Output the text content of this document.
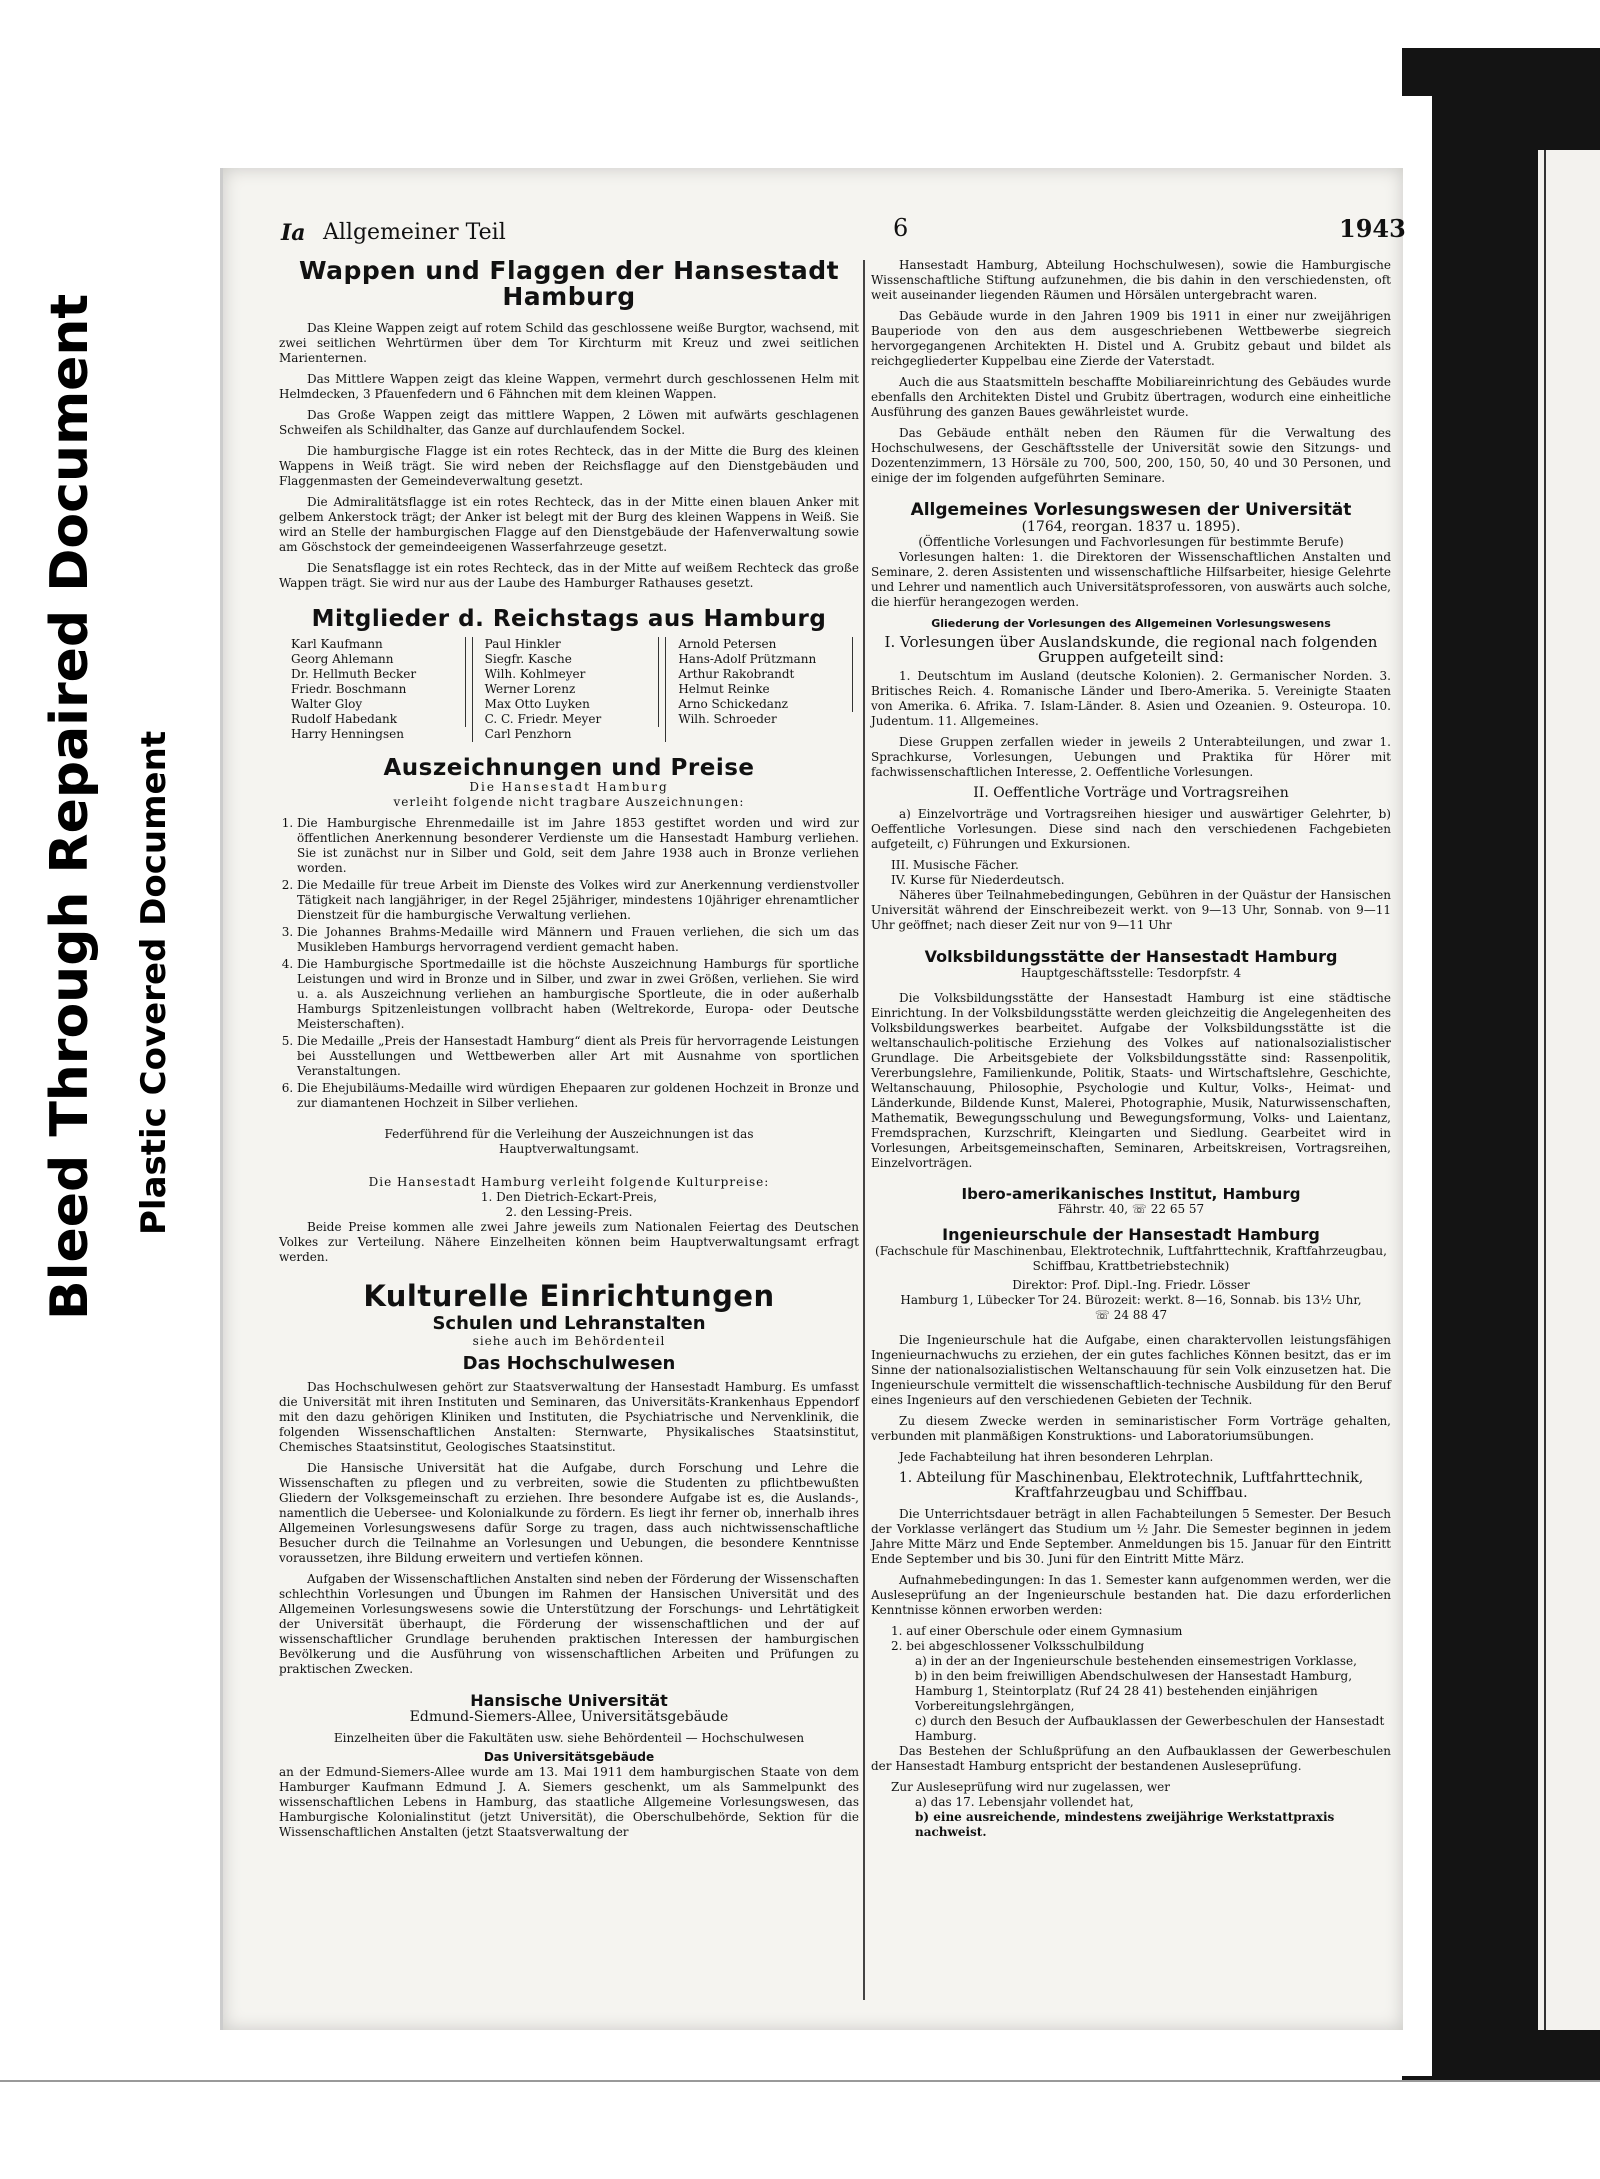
Bleed Through Repaired Document Plastic Covered Document
Ia Allgemeiner Teil	6	1943
Wappen und Flaggen der Hansestadt Hamburg

Das Kleine Wappen zeigt auf rotem Schild das geschlossene weiße Burgtor, wachsend, mit zwei seitlichen Wehrtürmen über dem Tor Kirchturm mit Kreuz und zwei seitlichen Marienternen.

Das Mittlere Wappen zeigt das kleine Wappen, vermehrt durch geschlossenen Helm mit Helmdecken, 3 Pfauenfedern und 6 Fähnchen mit dem kleinen Wappen.

Das Große Wappen zeigt das mittlere Wappen, 2 Löwen mit aufwärts geschlagenen Schweifen als Schildhalter, das Ganze auf durchlaufendem Sockel.

Die hamburgische Flagge ist ein rotes Rechteck, das in der Mitte die Burg des kleinen Wappens in Weiß trägt. Sie wird neben der Reichsflagge auf den Dienstgebäuden und Flaggenmasten der Gemeindeverwaltung gesetzt.

Die Admiralitätsflagge ist ein rotes Rechteck, das in der Mitte einen blauen Anker mit gelbem Ankerstock trägt; der Anker ist belegt mit der Burg des kleinen Wappens in Weiß. Sie wird an Stelle der hamburgischen Flagge auf den Dienstgebäude der Hafenverwaltung sowie am Göschstock der gemeindeeigenen Wasserfahrzeuge gesetzt.

Die Senatsflagge ist ein rotes Rechteck, das in der Mitte auf weißem Rechteck das große Wappen trägt. Sie wird nur aus der Laube des Hamburger Rathauses gesetzt.

Mitglieder d. Reichstags aus Hamburg
Karl Kaufmann
Georg Ahlemann
Dr. Hellmuth Becker
Friedr. Boschmann
Walter Gloy
Rudolf Habedank
Harry Henningsen
Paul Hinkler
Siegfr. Kasche
Wilh. Kohlmeyer
Werner Lorenz
Max Otto Luyken
C. C. Friedr. Meyer
Carl Penzhorn
Arnold Petersen
Hans-Adolf Prützmann
Arthur Rakobrandt
Helmut Reinke
Arno Schickedanz
Wilh. Schroeder
Auszeichnungen und Preise
Die Hansestadt Hamburg
verleiht folgende nicht tragbare Auszeichnungen:
1. Die Hamburgische Ehrenmedaille ist im Jahre 1853 gestiftet worden und wird zur öffentlichen Anerkennung besonderer Verdienste um die Hansestadt Hamburg verliehen. Sie ist zunächst nur in Silber und Gold, seit dem Jahre 1938 auch in Bronze verliehen worden.
2. Die Medaille für treue Arbeit im Dienste des Volkes wird zur Anerkennung verdienstvoller Tätigkeit nach langjähriger, in der Regel 25jähriger, mindestens 10jähriger ehrenamtlicher Dienstzeit für die hamburgische Verwaltung verliehen.
3. Die Johannes Brahms-Medaille wird Männern und Frauen verliehen, die sich um das Musikleben Hamburgs hervorragend verdient gemacht haben.
4. Die Hamburgische Sportmedaille ist die höchste Auszeichnung Hamburgs für sportliche Leistungen und wird in Bronze und in Silber, und zwar in zwei Größen, verliehen. Sie wird u. a. als Auszeichnung verliehen an hamburgische Sportleute, die in oder außerhalb Hamburgs Spitzenleistungen vollbracht haben (Weltrekorde, Europa- oder Deutsche Meisterschaften).
5. Die Medaille „Preis der Hansestadt Hamburg“ dient als Preis für hervorragende Leistungen bei Ausstellungen und Wettbewerben aller Art mit Ausnahme von sportlichen Veranstaltungen.
6. Die Ehejubiläums-Medaille wird würdigen Ehepaaren zur goldenen Hochzeit in Bronze und zur diamantenen Hochzeit in Silber verliehen.
Federführend für die Verleihung der Auszeichnungen ist das
Hauptverwaltungsamt.
Die Hansestadt Hamburg verleiht folgende Kulturpreise:
1. Den Dietrich-Eckart-Preis,
2. den Lessing-Preis.

Beide Preise kommen alle zwei Jahre jeweils zum Nationalen Feiertag des Deutschen Volkes zur Verteilung. Nähere Einzelheiten können beim Hauptverwaltungsamt erfragt werden.

Kulturelle Einrichtungen
Schulen und Lehranstalten
siehe auch im Behördenteil
Das Hochschulwesen

Das Hochschulwesen gehört zur Staatsverwaltung der Hansestadt Hamburg. Es umfasst die Universität mit ihren Instituten und Seminaren, das Universitäts-Krankenhaus Eppendorf mit den dazu gehörigen Kliniken und Instituten, die Psychiatrische und Nervenklinik, die folgenden Wissenschaftlichen Anstalten: Sternwarte, Physikalisches Staatsinstitut, Chemisches Staatsinstitut, Geologisches Staatsinstitut.

Die Hansische Universität hat die Aufgabe, durch Forschung und Lehre die Wissenschaften zu pflegen und zu verbreiten, sowie die Studenten zu pflichtbewußten Gliedern der Volksgemeinschaft zu erziehen. Ihre besondere Aufgabe ist es, die Auslands-, namentlich die Uebersee- und Kolonialkunde zu fördern. Es liegt ihr ferner ob, innerhalb ihres Allgemeinen Vorlesungswesens dafür Sorge zu tragen, dass auch nichtwissenschaftliche Besucher durch die Teilnahme an Vorlesungen und Uebungen, die besondere Kenntnisse voraussetzen, ihre Bildung erweitern und vertiefen können.

Aufgaben der Wissenschaftlichen Anstalten sind neben der Förderung der Wissenschaften schlechthin Vorlesungen und Übungen im Rahmen der Hansischen Universität und des Allgemeinen Vorlesungswesens sowie die Unterstützung der Forschungs- und Lehrtätigkeit der Universität überhaupt, die Förderung der wissenschaftlichen und der auf wissenschaftlicher Grundlage beruhenden praktischen Interessen der hamburgischen Bevölkerung und die Ausführung von wissenschaftlichen Arbeiten und Prüfungen zu praktischen Zwecken.

Hansische Universität
Edmund-Siemers-Allee, Universitätsgebäude
Einzelheiten über die Fakultäten usw. siehe Behördenteil — Hochschulwesen
Das Universitätsgebäude

an der Edmund-Siemers-Allee wurde am 13. Mai 1911 dem hamburgischen Staate von dem Hamburger Kaufmann Edmund J. A. Siemers geschenkt, um als Sammelpunkt des wissenschaftlichen Lebens in Hamburg, das staatliche Allgemeine Vorlesungswesen, das Hamburgische Kolonialinstitut (jetzt Universität), die Oberschulbehörde, Sektion für die Wissenschaftlichen Anstalten (jetzt Staatsverwaltung der

Hansestadt Hamburg, Abteilung Hochschulwesen), sowie die Hamburgische Wissenschaftliche Stiftung aufzunehmen, die bis dahin in den verschiedensten, oft weit auseinander liegenden Räumen und Hörsälen untergebracht waren.

Das Gebäude wurde in den Jahren 1909 bis 1911 in einer nur zweijährigen Bauperiode von den aus dem ausgeschriebenen Wettbewerbe siegreich hervorgegangenen Architekten H. Distel und A. Grubitz gebaut und bildet als reichgegliederter Kuppelbau eine Zierde der Vaterstadt.

Auch die aus Staatsmitteln beschaffte Mobiliareinrichtung des Gebäudes wurde ebenfalls den Architekten Distel und Grubitz übertragen, wodurch eine einheitliche Ausführung des ganzen Baues gewährleistet wurde.

Das Gebäude enthält neben den Räumen für die Verwaltung des Hochschulwesens, der Geschäftsstelle der Universität sowie den Sitzungs- und Dozentenzimmern, 13 Hörsäle zu 700, 500, 200, 150, 50, 40 und 30 Personen, und einige der im folgenden aufgeführten Seminare.

Allgemeines Vorlesungswesen der Universität
(1764, reorgan. 1837 u. 1895).
(Öffentliche Vorlesungen und Fachvorlesungen für bestimmte Berufe)

Vorlesungen halten: 1. die Direktoren der Wissenschaftlichen Anstalten und Seminare, 2. deren Assistenten und wissenschaftliche Hilfsarbeiter, hiesige Gelehrte und Lehrer und namentlich auch Universitätsprofessoren, von auswärts auch solche, die hierfür herangezogen werden.

Gliederung der Vorlesungen des Allgemeinen Vorlesungswesens
I. Vorlesungen über Auslandskunde, die regional nach folgenden Gruppen aufgeteilt sind:

1. Deutschtum im Ausland (deutsche Kolonien). 2. Germanischer Norden. 3. Britisches Reich. 4. Romanische Länder und Ibero-Amerika. 5. Vereinigte Staaten von Amerika. 6. Afrika. 7. Islam-Länder. 8. Asien und Ozeanien. 9. Osteuropa. 10. Judentum. 11. Allgemeines.

Diese Gruppen zerfallen wieder in jeweils 2 Unterabteilungen, und zwar 1. Sprachkurse, Vorlesungen, Uebungen und Praktika für Hörer mit fachwissenschaftlichen Interesse, 2. Oeffentliche Vorlesungen.

II. Oeffentliche Vorträge und Vortragsreihen

a) Einzelvorträge und Vortragsreihen hiesiger und auswärtiger Gelehrter, b) Oeffentliche Vorlesungen. Diese sind nach den verschiedenen Fachgebieten aufgeteilt, c) Führungen und Exkursionen.

III. Musische Fächer.
IV. Kurse für Niederdeutsch.

Näheres über Teilnahmebedingungen, Gebühren in der Quästur der Hansischen Universität während der Einschreibezeit werkt. von 9—13 Uhr, Sonnab. von 9—11 Uhr geöffnet; nach dieser Zeit nur von 9—11 Uhr

Volksbildungsstätte der Hansestadt Hamburg
Hauptgeschäftsstelle: Tesdorpfstr. 4

Die Volksbildungsstätte der Hansestadt Hamburg ist eine städtische Einrichtung. In der Volksbildungsstätte werden gleichzeitig die Angelegenheiten des Volksbildungswerkes bearbeitet. Aufgabe der Volksbildungsstätte ist die weltanschaulich-politische Erziehung des Volkes auf nationalsozialistischer Grundlage. Die Arbeitsgebiete der Volksbildungsstätte sind: Rassenpolitik, Vererbungslehre, Familienkunde, Politik, Staats- und Wirtschaftslehre, Geschichte, Weltanschauung, Philosophie, Psychologie und Kultur, Volks-, Heimat- und Länderkunde, Bildende Kunst, Malerei, Photographie, Musik, Naturwissenschaften, Mathematik, Bewegungsschulung und Bewegungsformung, Volks- und Laientanz, Fremdsprachen, Kurzschrift, Kleingarten und Siedlung. Gearbeitet wird in Vorlesungen, Arbeitsgemeinschaften, Seminaren, Arbeitskreisen, Vortragsreihen, Einzelvorträgen.

Ibero-amerikanisches Institut, Hamburg
Fährstr. 40, ☏ 22 65 57
Ingenieurschule der Hansestadt Hamburg
(Fachschule für Maschinenbau, Elektrotechnik, Luftfahrttechnik, Kraftfahrzeugbau, Schiffbau, Krattbetriebstechnik)
Direktor: Prof. Dipl.-Ing. Friedr. Lösser
Hamburg 1, Lübecker Tor 24. Bürozeit: werkt. 8—16, Sonnab. bis 13½ Uhr,
☏ 24 88 47

Die Ingenieurschule hat die Aufgabe, einen charaktervollen leistungsfähigen Ingenieurnachwuchs zu erziehen, der ein gutes fachliches Können besitzt, das er im Sinne der nationalsozialistischen Weltanschauung für sein Volk einzusetzen hat. Die Ingenieurschule vermittelt die wissenschaftlich-technische Ausbildung für den Beruf eines Ingenieurs auf den verschiedenen Gebieten der Technik.

Zu diesem Zwecke werden in seminaristischer Form Vorträge gehalten, verbunden mit planmäßigen Konstruktions- und Laboratoriumsübungen.

Jede Fachabteilung hat ihren besonderen Lehrplan.

1. Abteilung für Maschinenbau, Elektrotechnik, Luftfahrttechnik, Kraftfahrzeugbau und Schiffbau.

Die Unterrichtsdauer beträgt in allen Fachabteilungen 5 Semester. Der Besuch der Vorklasse verlängert das Studium um ½ Jahr. Die Semester beginnen in jedem Jahre Mitte März und Ende September. Anmeldungen bis 15. Januar für den Eintritt Ende September und bis 30. Juni für den Eintritt Mitte März.

Aufnahmebedingungen: In das 1. Semester kann aufgenommen werden, wer die Ausleseprüfung an der Ingenieurschule bestanden hat. Die dazu erforderlichen Kenntnisse können erworben werden:

1. auf einer Oberschule oder einem Gymnasium
2. bei abgeschlossener Volksschulbildung
a) in der an der Ingenieurschule bestehenden einsemestrigen Vorklasse,
b) in den beim freiwilligen Abendschulwesen der Hansestadt Hamburg, Hamburg 1, Steintorplatz (Ruf 24 28 41) bestehenden einjährigen Vorbereitungslehrgängen,
c) durch den Besuch der Aufbauklassen der Gewerbeschulen der Hansestadt Hamburg.

Das Bestehen der Schlußprüfung an den Aufbauklassen der Gewerbeschulen der Hansestadt Hamburg entspricht der bestandenen Ausleseprüfung.

Zur Ausleseprüfung wird nur zugelassen, wer
a) das 17. Lebensjahr vollendet hat,
b) eine ausreichende, mindestens zweijährige Werkstattpraxis nachweist.
